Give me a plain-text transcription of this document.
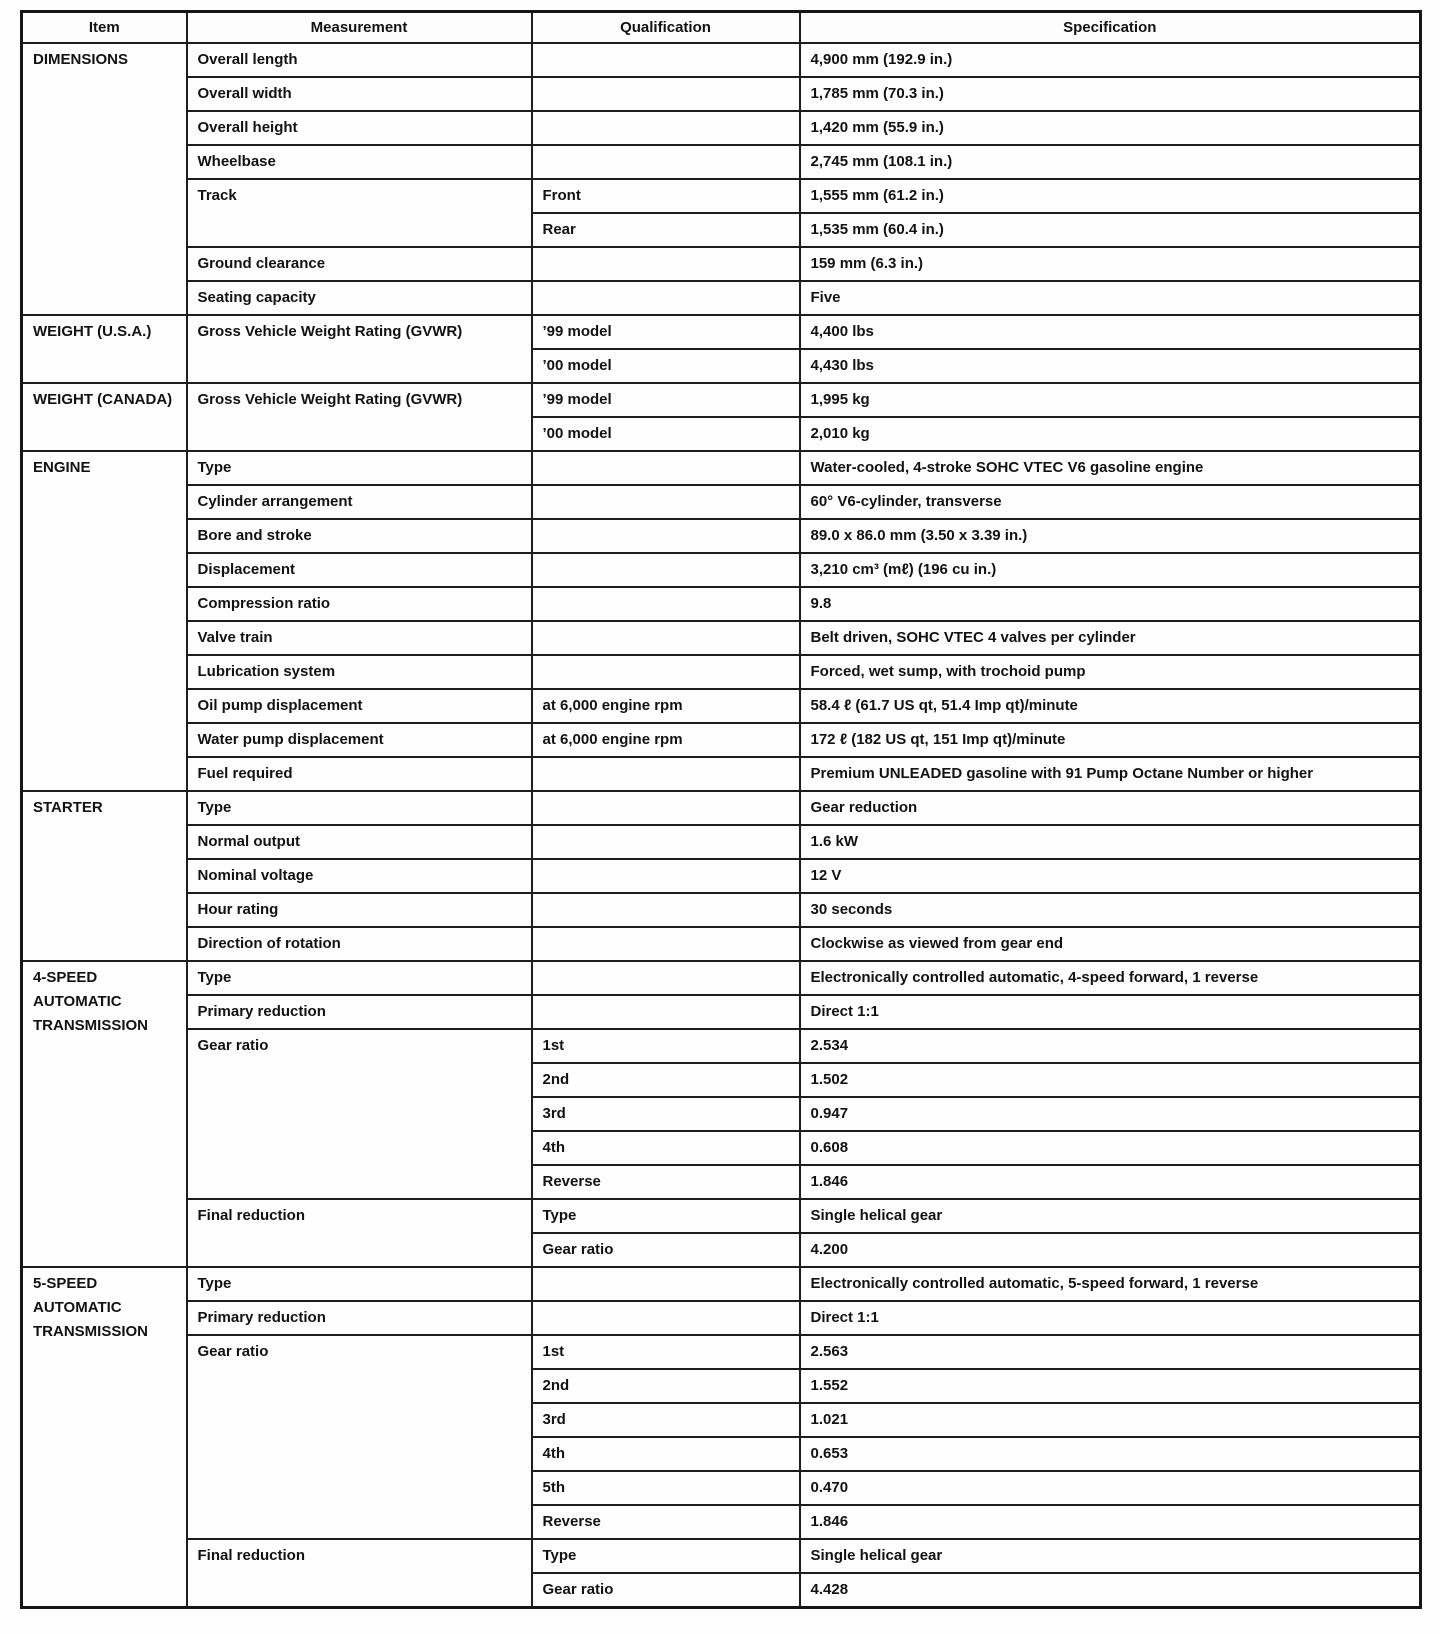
Item	Measurement	Qualification	Specification
DIMENSIONS	Overall length		4,900 mm (192.9 in.)
	Overall width		1,785 mm (70.3 in.)
	Overall height		1,420 mm (55.9 in.)
	Wheelbase		2,745 mm (108.1 in.)
	Track	Front	1,555 mm (61.2 in.)
		Rear	1,535 mm (60.4 in.)
	Ground clearance		159 mm (6.3 in.)
	Seating capacity		Five
WEIGHT (U.S.A.)	Gross Vehicle Weight Rating (GVWR)	’99 model	4,400 lbs
		’00 model	4,430 lbs
WEIGHT (CANADA)	Gross Vehicle Weight Rating (GVWR)	’99 model	1,995 kg
		’00 model	2,010 kg
ENGINE	Type		Water-cooled, 4-stroke SOHC VTEC V6 gasoline engine
	Cylinder arrangement		60° V6-cylinder, transverse
	Bore and stroke		89.0 x 86.0 mm (3.50 x 3.39 in.)
	Displacement		3,210 cm³ (mℓ) (196 cu in.)
	Compression ratio		9.8
	Valve train		Belt driven, SOHC VTEC 4 valves per cylinder
	Lubrication system		Forced, wet sump, with trochoid pump
	Oil pump displacement	at 6,000 engine rpm	58.4 ℓ (61.7 US qt, 51.4 Imp qt)/minute
	Water pump displacement	at 6,000 engine rpm	172 ℓ (182 US qt, 151 Imp qt)/minute
	Fuel required		Premium UNLEADED gasoline with 91 Pump Octane Number or higher
STARTER	Type		Gear reduction
	Normal output		1.6 kW
	Nominal voltage		12 V
	Hour rating		30 seconds
	Direction of rotation		Clockwise as viewed from gear end
4-SPEED AUTOMATIC TRANSMISSION	Type		Electronically controlled automatic, 4-speed forward, 1 reverse
	Primary reduction		Direct 1:1
	Gear ratio	1st	2.534
		2nd	1.502
		3rd	0.947
		4th	0.608
		Reverse	1.846
	Final reduction	Type	Single helical gear
		Gear ratio	4.200
5-SPEED AUTOMATIC TRANSMISSION	Type		Electronically controlled automatic, 5-speed forward, 1 reverse
	Primary reduction		Direct 1:1
	Gear ratio	1st	2.563
		2nd	1.552
		3rd	1.021
		4th	0.653
		5th	0.470
		Reverse	1.846
	Final reduction	Type	Single helical gear
		Gear ratio	4.428
